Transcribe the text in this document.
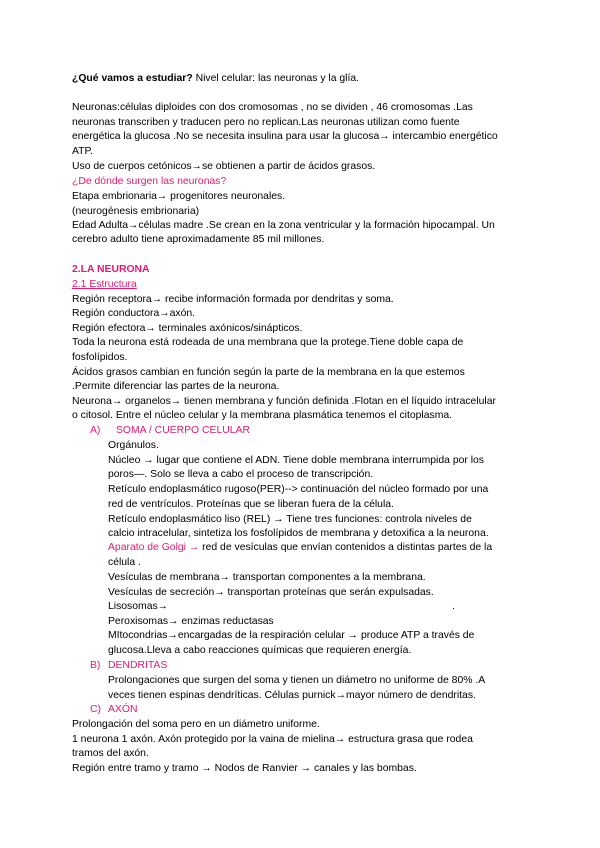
¿Qué vamos a estudiar? Nivel celular: las neuronas y la glía.
Neuronas:células diploides con dos cromosomas , no se dividen , 46 cromosomas .Las
neuronas transcriben y traducen pero no replican.Las neuronas utilizan como fuente
energética la glucosa .No se necesita insulina para usar la glucosa→ intercambio energético
ATP.
Uso de cuerpos cetónicos→se obtienen a partir de ácidos grasos.
¿De dónde surgen las neuronas?
Etapa embrionaria→ progenitores neuronales.
(neurogénesis embrionaria)
Edad Adulta→células madre .Se crean en la zona ventricular y la formación hipocampal. Un
cerebro adulto tiene aproximadamente 85 mil millones.
2.LA NEURONA
2.1 Estructura
Región receptora→ recibe información formada por dendritas y soma.
Región conductora→axón.
Región efectora→ terminales axónicos/sinápticos.
Toda la neurona está rodeada de una membrana que la protege.Tiene doble capa de
fosfolípidos.
Ácidos grasos cambian en función según la parte de la membrana en la que estemos
.Permite diferenciar las partes de la neurona.
Neurona→ organelos→ tienen membrana y función definida .Flotan en el líquido intracelular
o citosol. Entre el núcleo celular y la membrana plasmática tenemos el citoplasma.
A) SOMA / CUERPO CELULAR
Orgánulos.
Núcleo → lugar que contiene el ADN. Tiene doble membrana interrumpida por los
poros—. Solo se lleva a cabo el proceso de transcripción.
Retículo endoplasmático rugoso(PER)--> continuación del núcleo formado por una
red de ventrículos. Proteínas que se liberan fuera de la célula.
Retículo endoplasmático liso (REL) → Tiene tres funciones: controla niveles de
calcio intracelular, sintetiza los fosfolípidos de membrana y detoxifica a la neurona.
Aparato de Golgi → red de vesículas que envían contenidos a distintas partes de la
célula .
Vesículas de membrana→ transportan componentes a la membrana.
Vesículas de secreción→ transportan proteínas que serán expulsadas.
Lisosomas→	.
Peroxisomas→ enzimas reductasas
MItocondrias→encargadas de la respiración celular → produce ATP a través de
glucosa.Lleva a cabo reacciones químicas que requieren energía.
B) DENDRITAS
Prolongaciones que surgen del soma y tienen un diámetro no uniforme de 80% .A
veces tienen espinas dendríticas. Células purnick→mayor número de dendritas.
C) AXÓN
Prolongación del soma pero en un diámetro uniforme.
1 neurona 1 axón. Axón protegido por la vaina de mielina→ estructura grasa que rodea
tramos del axón.
Región entre tramo y tramo → Nodos de Ranvier → canales y las bombas.
